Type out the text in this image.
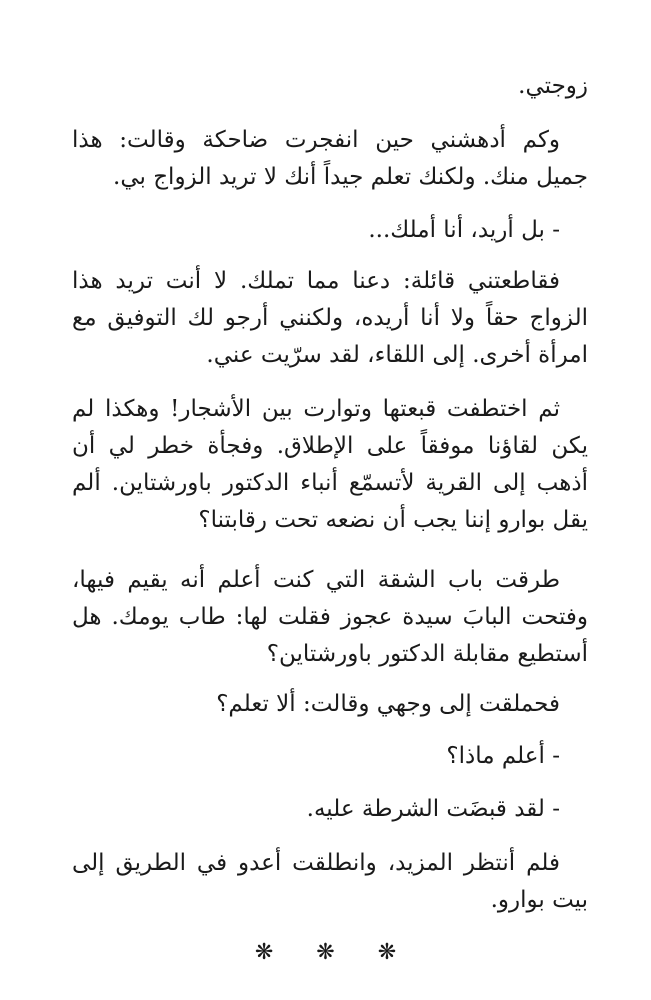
زوجتي.

وكم أدهشني حين انفجرت ضاحكة وقالت: هذا جميل منك. ولكنك تعلم جيداً أنك لا تريد الزواج بي.

- بل أريد، أنا أملك...

فقاطعتني قائلة: دعنا مما تملك. لا أنت تريد هذا الزواج حقاً ولا أنا أريده، ولكنني أرجو لك التوفيق مع امرأة أخرى. إلى اللقاء، لقد سرّيت عني.

ثم اختطفت قبعتها وتوارت بين الأشجار! وهكذا لم يكن لقاؤنا موفقاً على الإطلاق. وفجأة خطر لي أن أذهب إلى القرية لأتسمّع أنباء الدكتور باورشتاين. ألم يقل بوارو إننا يجب أن نضعه تحت رقابتنا؟

طرقت باب الشقة التي كنت أعلم أنه يقيم فيها، وفتحت البابَ سيدة عجوز فقلت لها: طاب يومك. هل أستطيع مقابلة الدكتور باورشتاين؟

فحملقت إلى وجهي وقالت: ألا تعلم؟

- أعلم ماذا؟

- لقد قبضَت الشرطة عليه.

فلم أنتظر المزيد، وانطلقت أعدو في الطريق إلى بيت بوارو.

❋ ❋ ❋
